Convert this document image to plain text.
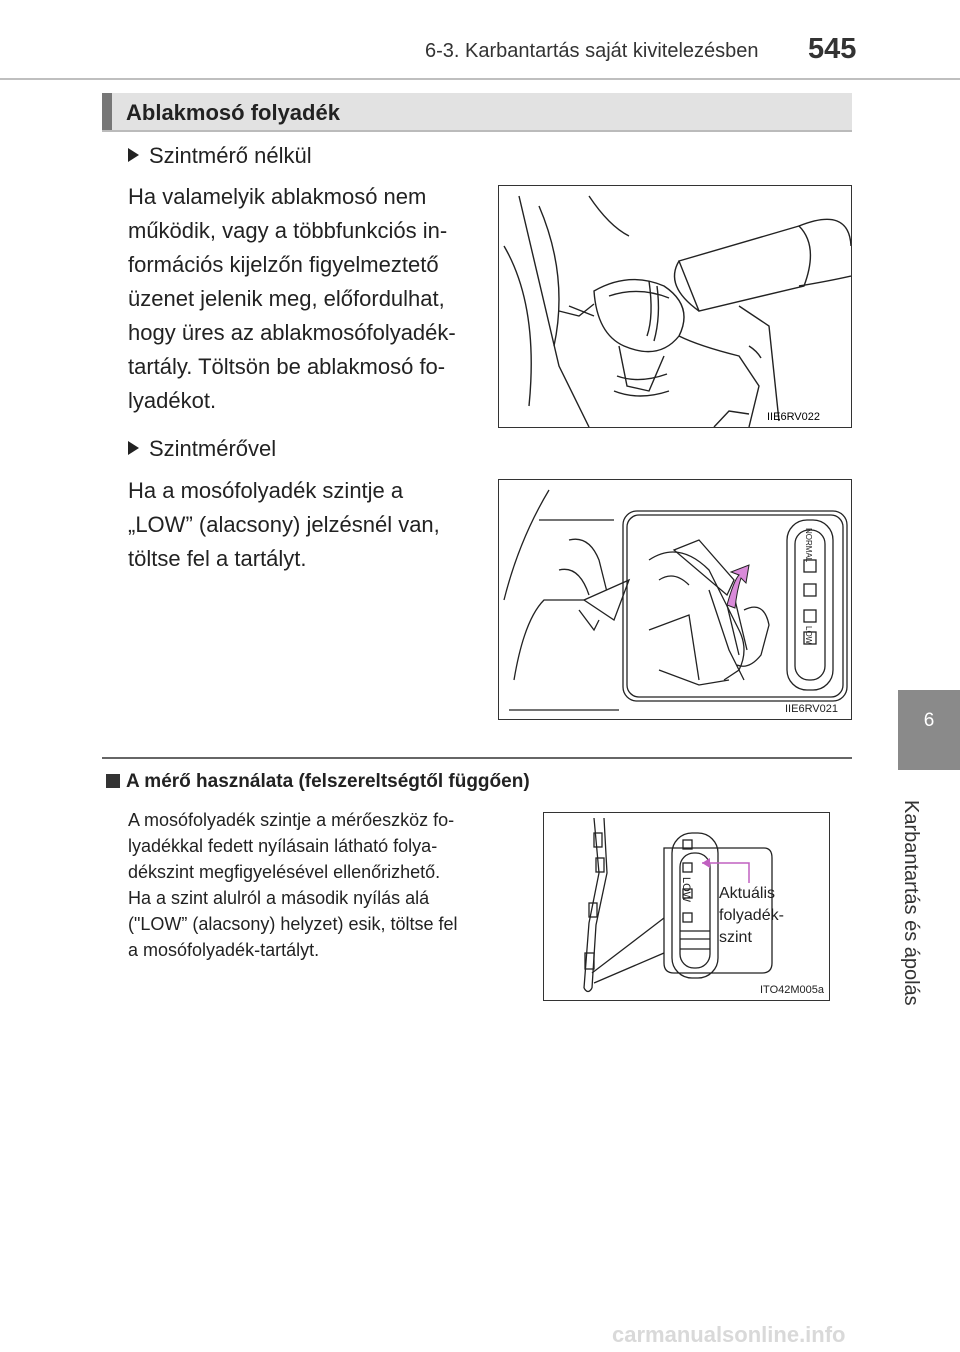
6-3. Karbantartás saját kivitelezésben 545
6
Karbantartás és ápolás
Ablakmosó folyadék
Szintmérő nélkül
Ha valamelyik ablakmosó nem
működik, vagy a többfunkciós in-
formációs kijelzőn figyelmeztető
üzenet jelenik meg, előfordulhat,
hogy üres az ablakmosófolyadék-
tartály. Töltsön be ablakmosó fo-
lyadékot.
IIE6RV022
Szintmérővel
Ha a mosófolyadék szintje a
„LOW” (alacsony) jelzésnél van,
töltse fel a tartályt.	NORMAL
LOW
IIE6RV021
A mérő használata (felszereltségtől függően)
A mosófolyadék szintje a mérőeszköz fo-
lyadékkal fedett nyílásain látható folya-
dékszint megfigyelésével ellenőrizhető.
Ha a szint alulról a második nyílás alá
("LOW” (alacsony) helyzet) esik, töltse fel
a mosófolyadék-tartályt.
LOW
ITO42M005a
Aktuális
folyadék-
szint
carmanualsonline.info
